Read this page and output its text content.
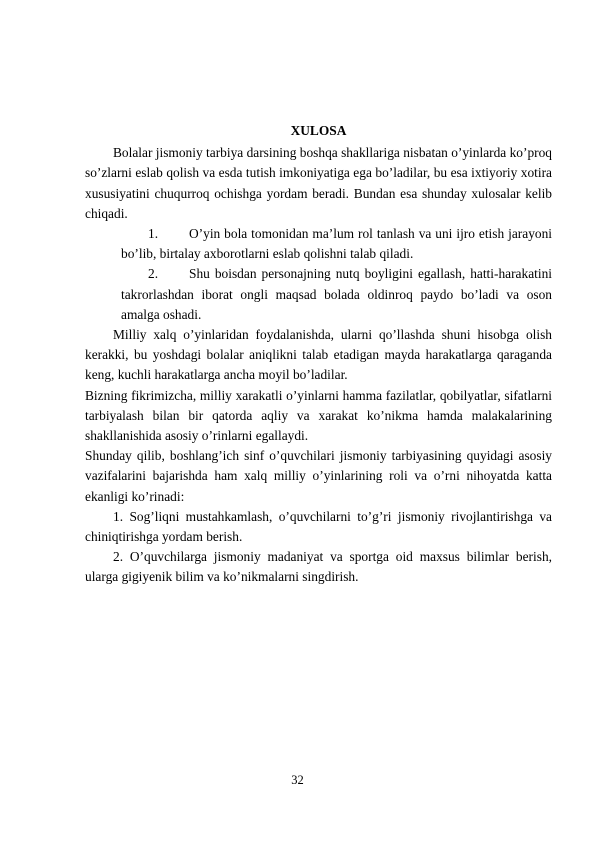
XULOSA

Bolalar jismoniy tarbiya darsining boshqa shakllariga nisbatan o’yinlarda ko’proq so’zlarni eslab qolish va esda tutish imkoniyatiga ega bo’ladilar, bu esa ixtiyoriy xotira xususiyatini chuqurroq ochishga yordam beradi. Bundan esa shunday xulosalar kelib chiqadi.

1. O’yin bola tomonidan ma’lum rol tanlash va uni ijro etish jarayoni bo’lib, birtalay axborotlarni eslab qolishni talab qiladi.
2. Shu boisdan personajning nutq boyligini egallash, hatti-harakatini takrorlashdan iborat ongli maqsad bolada oldinroq paydo bo’ladi va oson amalga oshadi.

Milliy xalq o’yinlaridan foydalanishda, ularni qo’llashda shuni hisobga olish kerakki, bu yoshdagi bolalar aniqlikni talab etadigan mayda harakatlarga qaraganda keng, kuchli harakatlarga ancha moyil bo’ladilar.

Bizning fikrimizcha, milliy xarakatli o’yinlarni hamma fazilatlar, qobilyatlar, sifatlarni tarbiyalash bilan bir qatorda aqliy va xarakat ko’nikma hamda malakalarining shakllanishida asosiy o’rinlarni egallaydi.

Shunday qilib, boshlang’ich sinf o’quvchilari jismoniy tarbiyasining quyidagi asosiy vazifalarini bajarishda ham xalq milliy o’yinlarining roli va o’rni nihoyatda katta ekanligi ko’rinadi:

1. Sog’liqni mustahkamlash, o’quvchilarni to’g’ri jismoniy rivojlantirishga va chiniqtirishga yordam berish.

2. O’quvchilarga jismoniy madaniyat va sportga oid maxsus bilimlar berish, ularga gigiyenik bilim va ko’nikmalarni singdirish.

32
